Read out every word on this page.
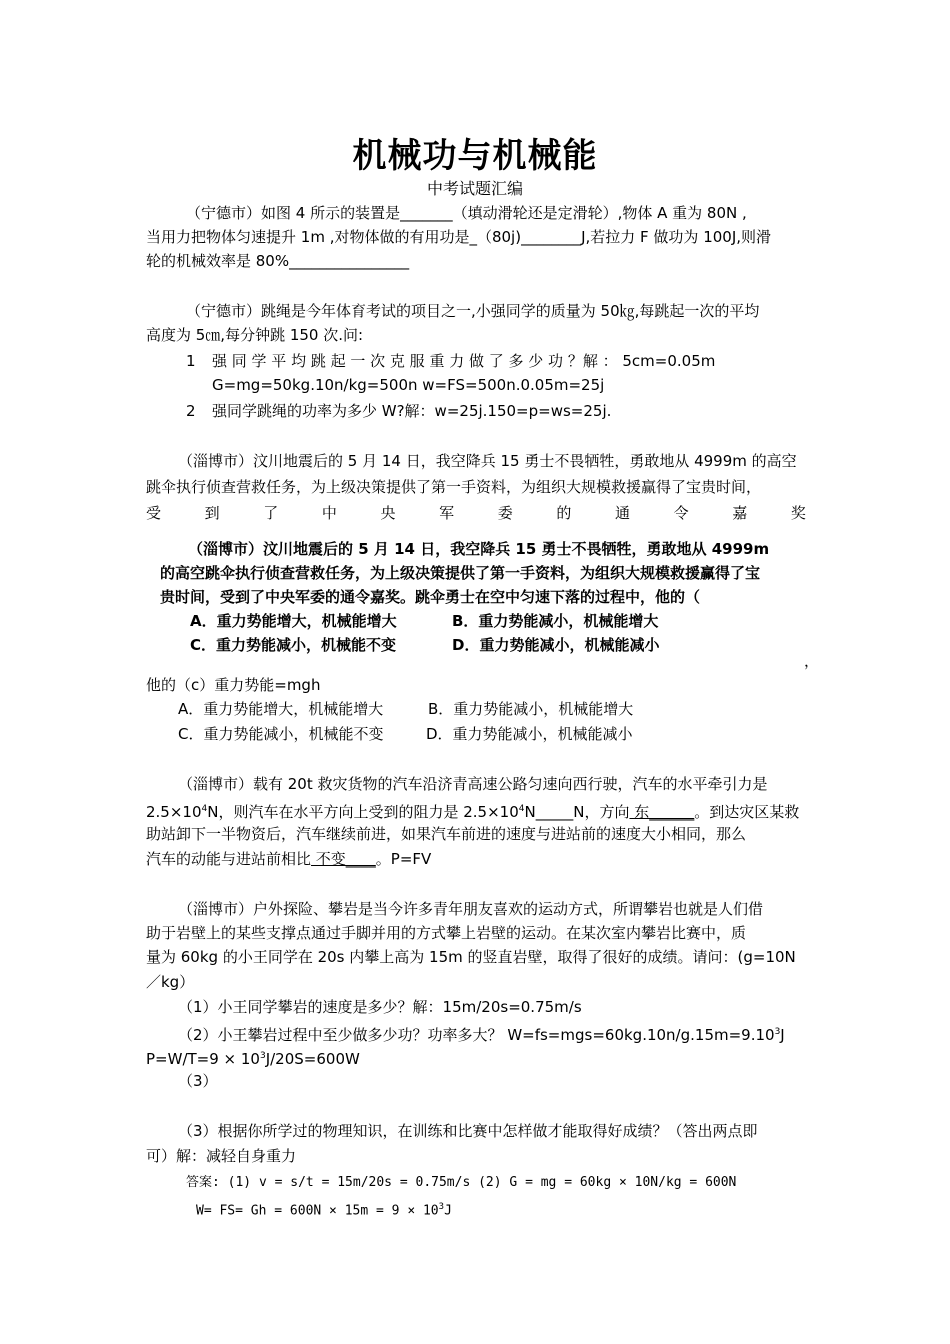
机械功与机械能
中考试题汇编
（宁德市）如图 4 所示的装置是_______（填动滑轮还是定滑轮）,物体 A 重为 80N ,
当用力把物体匀速提升 1m ,对物体做的有用功是_（80j)________J,若拉力 F 做功为 100J,则滑
轮的机械效率是 80%________________
（宁德市）跳绳是今年体育考试的项目之一,小强同学的质量为 50㎏,每跳起一次的平均
高度为 5㎝,每分钟跳 150 次.问:
1 强 同 学 平 均 跳 起 一 次 克 服 重 力 做 了 多 少 功 ？解 ： 5cm=0.05m
G=mg=50kg.10n/kg=500n w=FS=500n.0.05m=25j
2 强同学跳绳的功率为多少 W?解：w=25j.150=p=ws=25j.
（淄博市）汶川地震后的 5 月 14 日，我空降兵 15 勇士不畏牺牲，勇敢地从 4999m 的高空
跳伞执行侦查营救任务，为上级决策提供了第一手资料，为组织大规模救援赢得了宝贵时间，
受	到	了	中	央	军	委	的	通	令	嘉	奖
（淄博市）汶川地震后的 5 月 14 日，我空降兵 15 勇士不畏牺牲，勇敢地从 4999m
的高空跳伞执行侦查营救任务，为上级决策提供了第一手资料，为组织大规模救援赢得了宝
贵时间，受到了中央军委的通令嘉奖。跳伞勇士在空中匀速下落的过程中，他的（
A．重力势能增大，机械能增大	B．重力势能减小，机械能增大
C．重力势能减小，机械能不变	D．重力势能减小，机械能减小
，
他的（c）重力势能=mgh
A．重力势能增大，机械能增大	B．重力势能减小，机械能增大
C．重力势能减小，机械能不变	D．重力势能减小，机械能减小
（淄博市）载有 20t 救灾货物的汽车沿济青高速公路匀速向西行驶，汽车的水平牵引力是
$2.5\times 10^4N$，则汽车在水平方向上受到的阻力是 $2.5\times 10^4N\_\_\_\_\_N$，方向 东______。到达灾区某救
助站卸下一半物资后，汽车继续前进，如果汽车前进的速度与进站前的速度大小相同，那么
汽车的动能与进站前相比 不变____。P=FV
（淄博市）户外探险、攀岩是当今许多青年朋友喜欢的运动方式，所谓攀岩也就是人们借
助于岩壁上的某些支撑点通过手脚并用的方式攀上岩壁的运动。在某次室内攀岩比赛中，质
量为 60kg 的小王同学在 20s 内攀上高为 15m 的竖直岩壁，取得了很好的成绩。请问：(g=10N
／kg）
（1）小王同学攀岩的速度是多少？解：15m/20s=0.75m/s
（2）小王攀岩过程中至少做多少功？功率多大？ $W=fs=mgs=60kg.10n/g.15m=9.10^3J$
$P=W/T=9 \times 10^3J/20S=600W$
（3）
（3）根据你所学过的物理知识，在训练和比赛中怎样做才能取得好成绩？（答出两点即
可）解：减轻自身重力
答案: (1) v = s/t = 15m/20s = 0.75m/s (2) G = mg = 60kg × 10N/kg = 600N
$W= FS= Gh = 600N \times 15m = 9 \times 10^3J$
